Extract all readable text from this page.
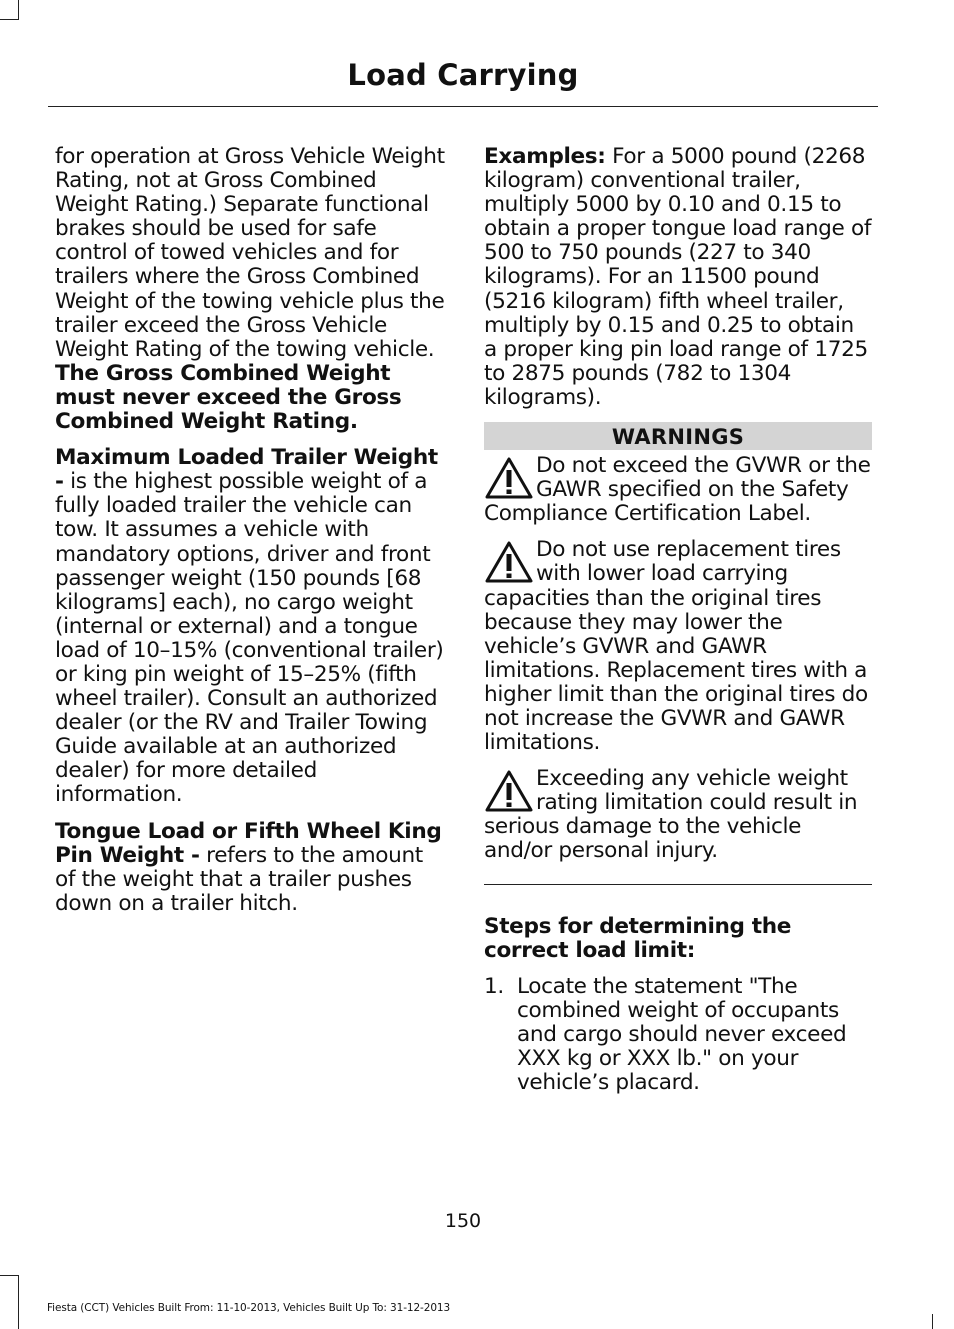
Load Carrying

for operation at Gross Vehicle Weight Rating, not at Gross Combined Weight Rating.) Separate functional brakes should be used for safe control of towed vehicles and for trailers where the Gross Combined Weight of the towing vehicle plus the trailer exceed the Gross Vehicle Weight Rating of the towing vehicle. The Gross Combined Weight must never exceed the Gross Combined Weight Rating.

Maximum Loaded Trailer Weight - is the highest possible weight of a fully loaded trailer the vehicle can tow. It assumes a vehicle with mandatory options, driver and front passenger weight (150 pounds [68 kilograms] each), no cargo weight (internal or external) and a tongue load of 10–15% (conventional trailer) or king pin weight of 15–25% (fifth wheel trailer). Consult an authorized dealer (or the RV and Trailer Towing Guide available at an authorized dealer) for more detailed information.

Tongue Load or Fifth Wheel King Pin Weight - refers to the amount of the weight that a trailer pushes down on a trailer hitch.

Examples: For a 5000 pound (2268 kilogram) conventional trailer, multiply 5000 by 0.10 and 0.15 to obtain a proper tongue load range of 500 to 750 pounds (227 to 340 kilograms). For an 11500 pound (5216 kilogram) fifth wheel trailer, multiply by 0.15 and 0.25 to obtain a proper king pin load range of 1725 to 2875 pounds (782 to 1304 kilograms).

WARNINGS
Do not exceed the GVWR or the GAWR specified on the Safety Compliance Certification Label.
Do not use replacement tires with lower load carrying capacities than the original tires because they may lower the vehicle’s GVWR and GAWR limitations. Replacement tires with a higher limit than the original tires do not increase the GVWR and GAWR limitations.
Exceeding any vehicle weight rating limitation could result in serious damage to the vehicle and/or personal injury.
Steps for determining the correct load limit:
1. Locate the statement "The combined weight of occupants and cargo should never exceed XXX kg or XXX lb." on your vehicle’s placard.
150
Fiesta (CCT) Vehicles Built From: 11-10-2013, Vehicles Built Up To: 31-12-2013
